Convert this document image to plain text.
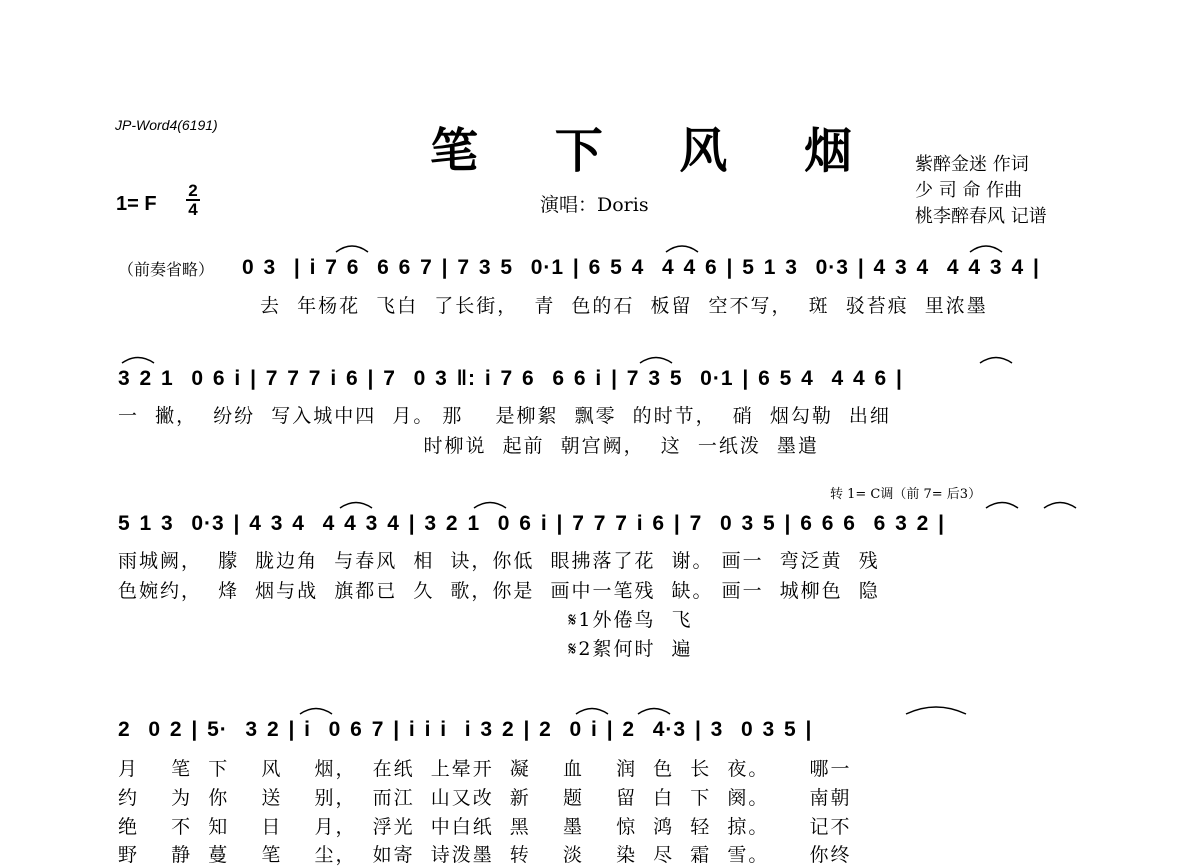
JP-Word4(6191)	笔 下 风 烟
1= F
2
4	演唱：Doris
紫醉金迷 作词
少 司 命 作曲
桃李醉春风 记谱
（前奏省略） 0 3  | i 7 6  6 6 7 | 7 3 5  0·1 | 6 5 4  4 4 6 | 5 1 3  0·3 | 4 3 4  4 4 3 4 |
去  年杨花  飞白  了长街，  青  色的石  板留  空不写，  斑  驳苔痕  里浓墨
3 2 1  0 6 i | 7 7 7 i 6 | 7  0 3 ‖: i 7 6  6 6 i | 7 3 5  0·1 | 6 5 4  4 4 6 |
一  撇，  纷纷  写入城中四  月。 那    是柳絮  飘零  的时节，  硝  烟勾勒  出细
时柳说  起前  朝宫阙，  这  一纸泼  墨遣
转 1= C调（前 7= 后3）
5 1 3  0·3 | 4 3 4  4 4 3 4 | 3 2 1  0 6 i | 7 7 7 i 6 | 7  0 3 5 | 6 6 6  6 3 2 |
雨城阙，  朦  胧边角  与春风  相  诀，你低  眼拂落了花  谢。 画一  弯泛黄  残
色婉约，  烽  烟与战  旗都已  久  歌，你是  画中一笔残  缺。 画一  城柳色  隐
𝄋1外倦鸟  飞
𝄋2絮何时  遍
2  0 2 | 5·  3 2 | i  0 6 7 | i i i  i 3 2 | 2  0 i | 2  4·3 | 3  0 3 5 |
月    笔  下    风    烟，  在纸  上晕开  凝    血    润  色  长  夜。     哪一
约    为  你    送    别，  而江  山又改  新    题    留  白  下  阕。     南朝
绝    不  知    日    月，  浮光  中白纸  黑    墨    惊  鸿  轻  掠。     记不
野    静  蔓    笔    尘，  如寄  诗泼墨  转    淡    染  尽  霜  雪。     你终
